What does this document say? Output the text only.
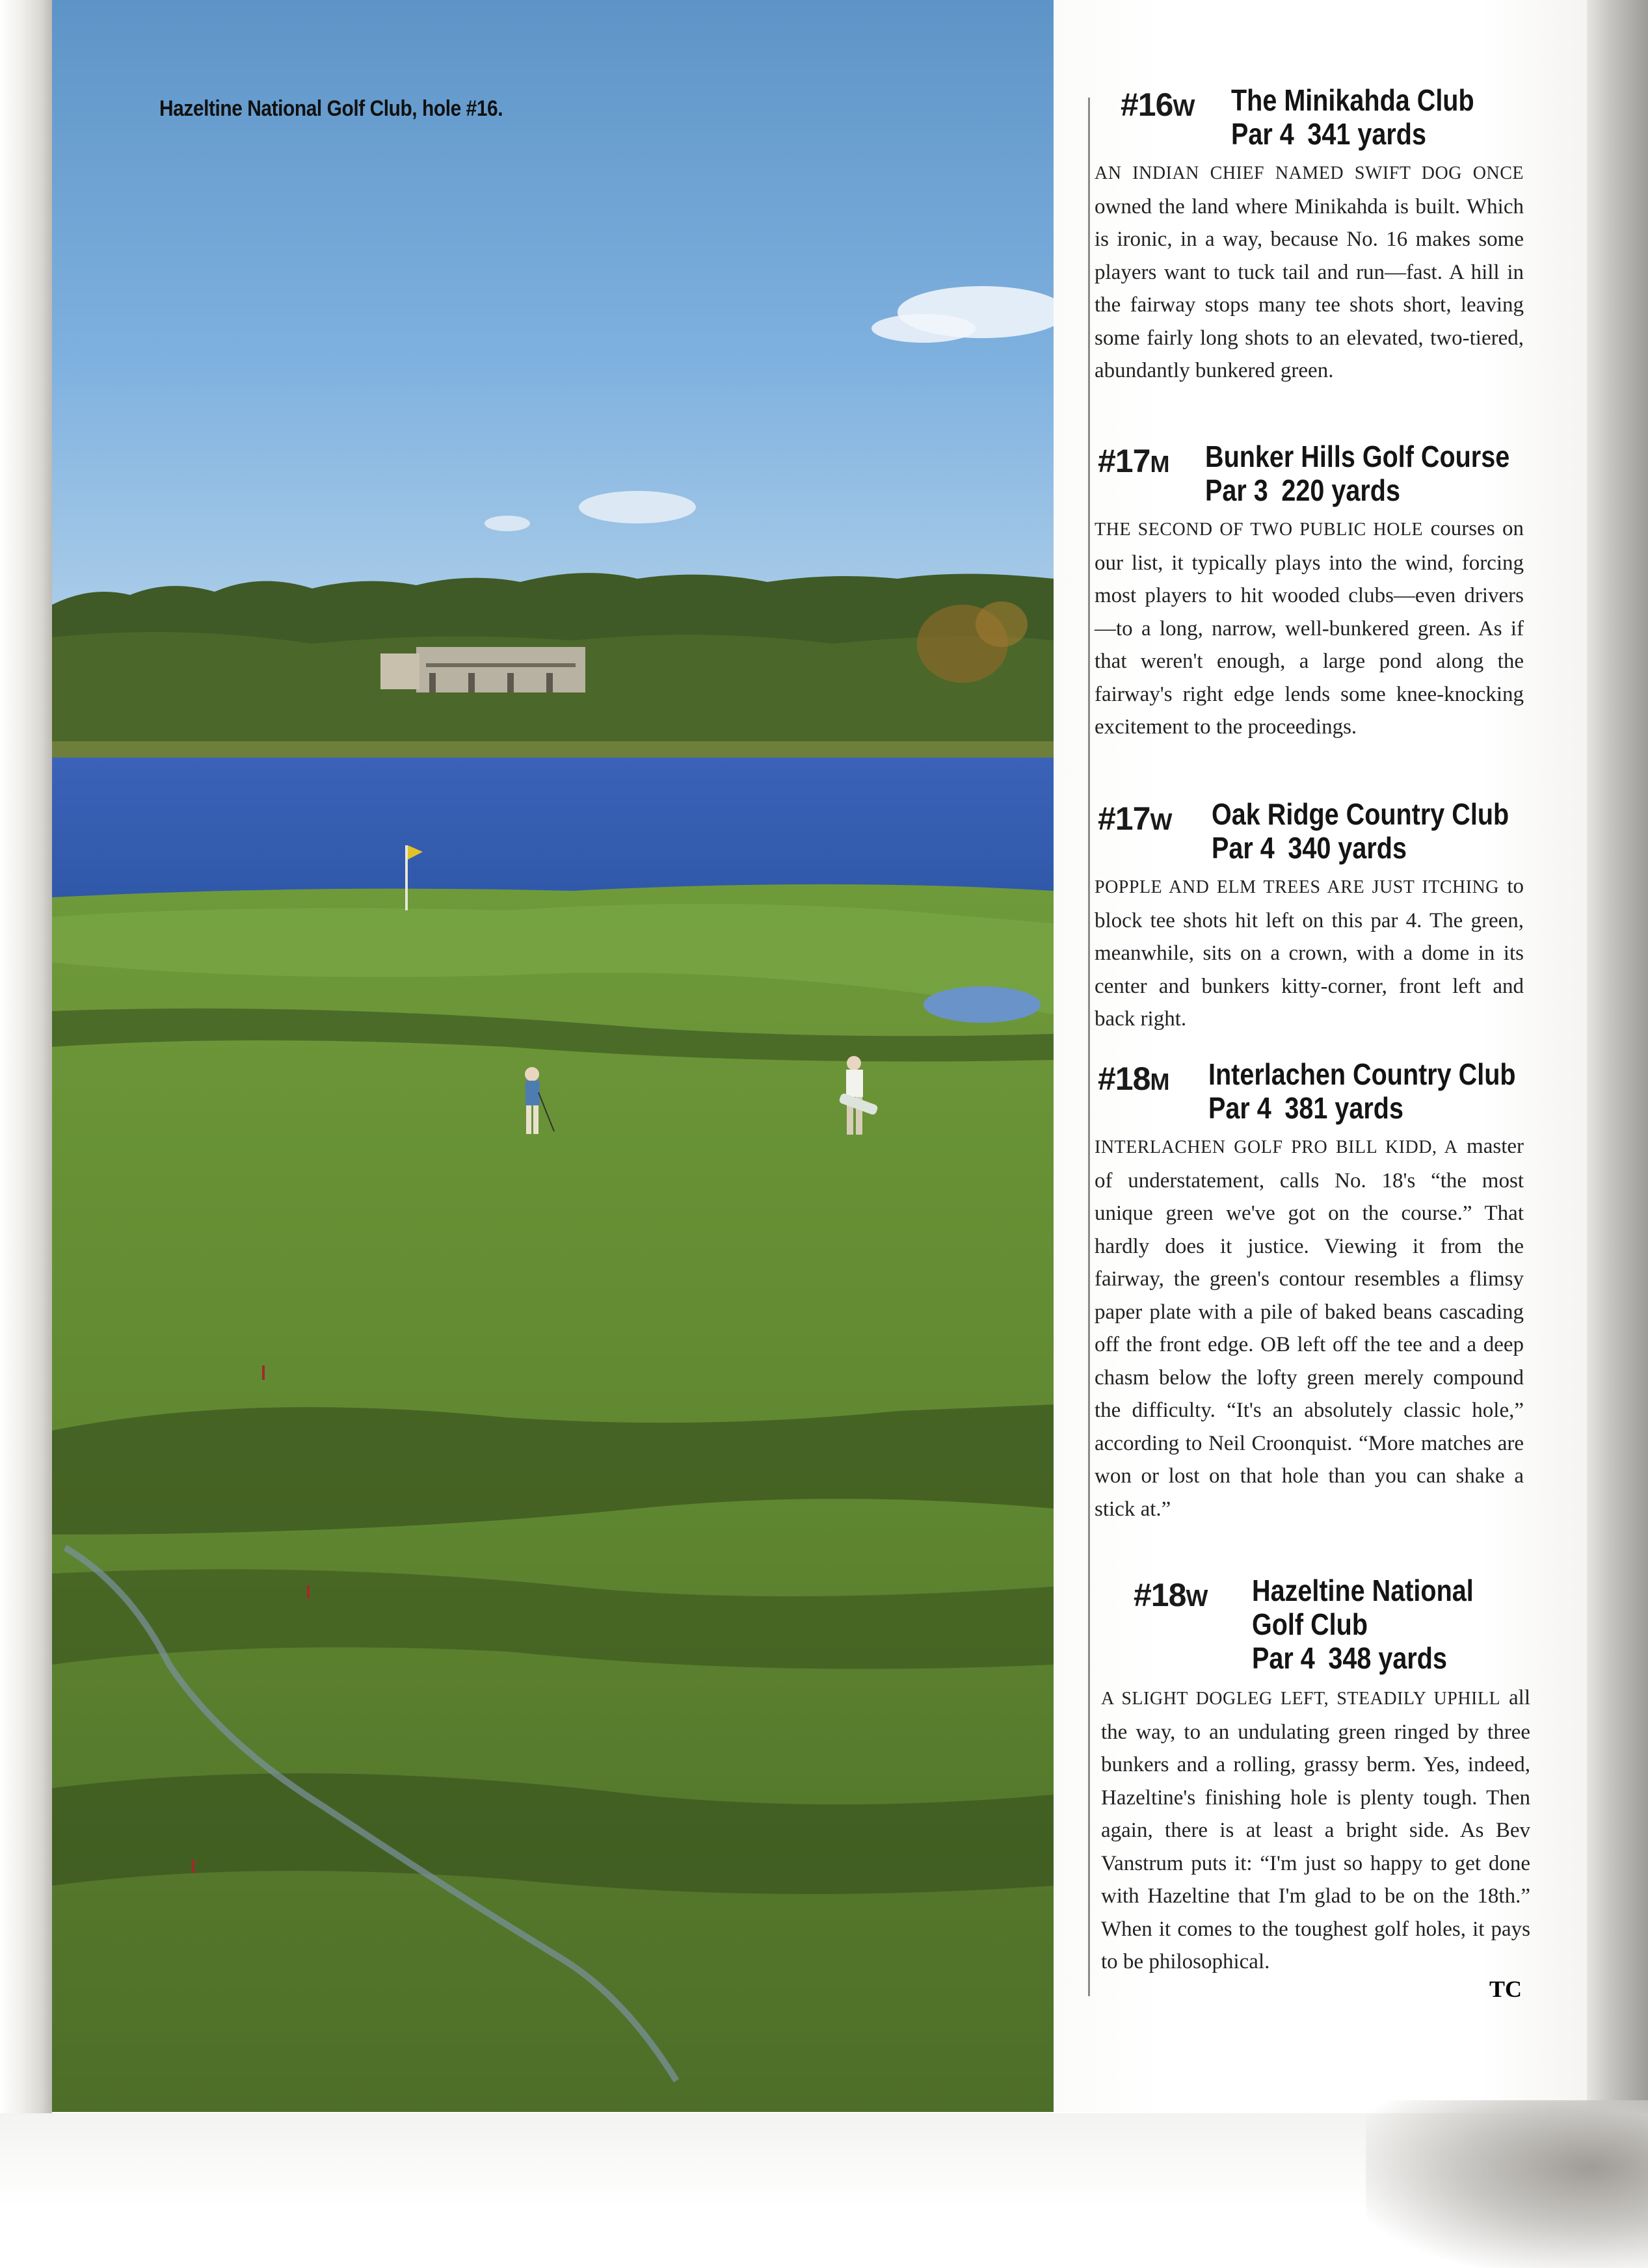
Hazeltine National Golf Club, hole #16.	#16W The Minikahda Club
Par 4 341 yards
AN INDIAN CHIEF NAMED SWIFT DOG ONCE owned the land where Minikahda is built. Which is ironic, in a way, because No. 16 makes some players want to tuck tail and run—fast. A hill in the fairway stops many tee shots short, leaving some fairly long shots to an elevated, two-tiered, abundantly bunkered green.
#17M Bunker Hills Golf Course
Par 3 220 yards
THE SECOND OF TWO PUBLIC HOLE courses on our list, it typically plays into the wind, forcing most players to hit wooded clubs—even drivers—to a long, narrow, well-bunkered green. As if that weren't enough, a large pond along the fairway's right edge lends some knee-knocking excitement to the proceedings.
#17W Oak Ridge Country Club
Par 4 340 yards
POPPLE AND ELM TREES ARE JUST ITCHING to block tee shots hit left on this par 4. The green, meanwhile, sits on a crown, with a dome in its center and bunkers kitty-corner, front left and back right.
#18M Interlachen Country Club
Par 4 381 yards
INTERLACHEN GOLF PRO BILL KIDD, A master of understatement, calls No. 18's “the most unique green we've got on the course.” That hardly does it justice. Viewing it from the fairway, the green's contour resembles a flimsy paper plate with a pile of baked beans cascading off the front edge. OB left off the tee and a deep chasm below the lofty green merely compound the difficulty. “It's an absolutely classic hole,” according to Neil Croonquist. “More matches are won or lost on that hole than you can shake a stick at.”
#18W Hazeltine National
Golf Club
Par 4 348 yards
A SLIGHT DOGLEG LEFT, STEADILY UPHILL all the way, to an undulating green ringed by three bunkers and a rolling, grassy berm. Yes, indeed, Hazeltine's finishing hole is plenty tough. Then again, there is at least a bright side. As Bev Vanstrum puts it: “I'm just so happy to get done with Hazeltine that I'm glad to be on the 18th.” When it comes to the toughest golf holes, it pays to be philosophical.
TC
